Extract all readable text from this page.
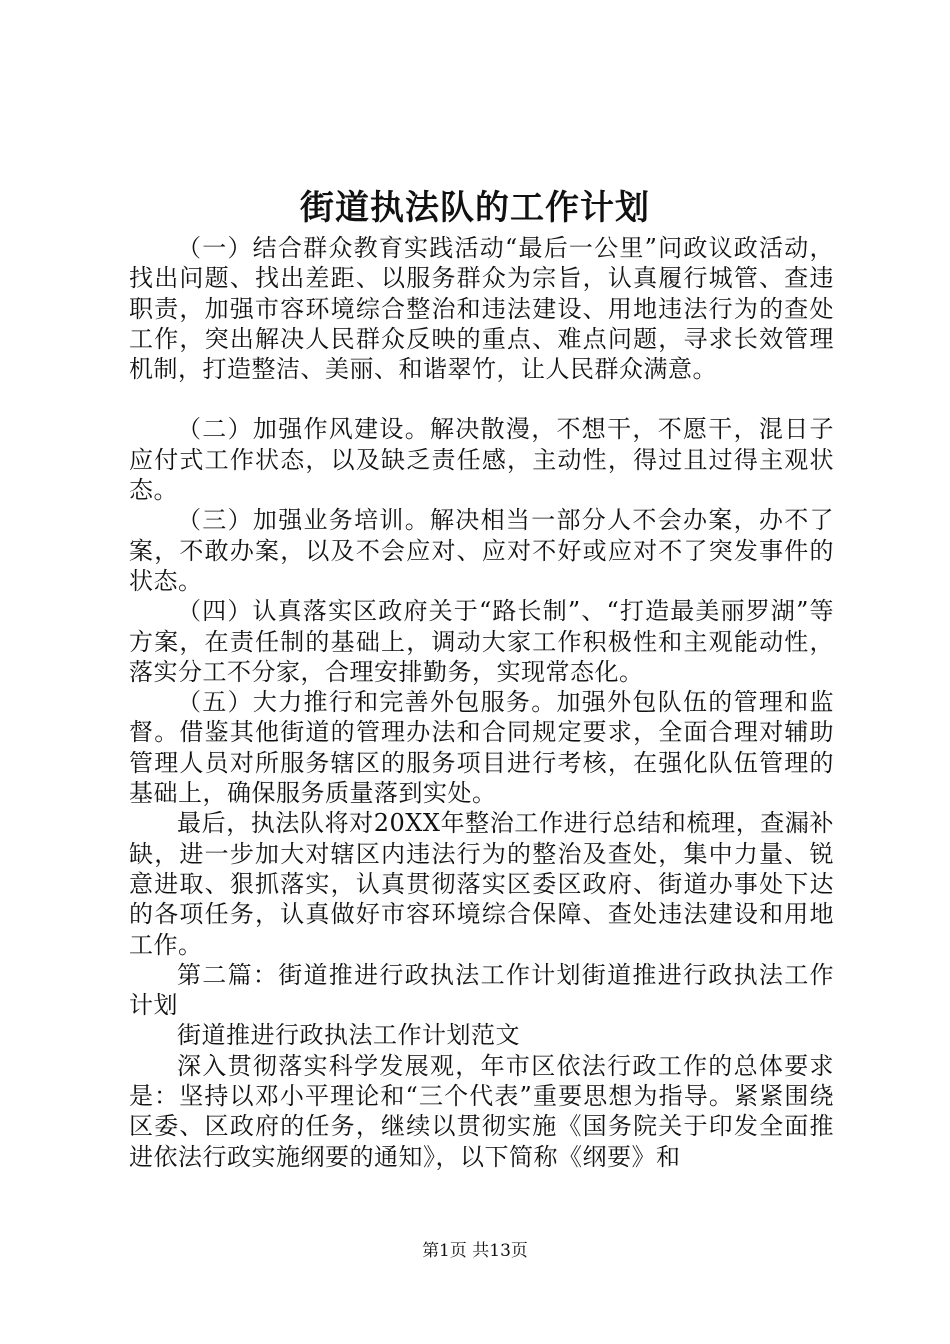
街道执法队的工作计划

（一）结合群众教育实践活动“最后一公里”问政议政活动，找出问题、找出差距、以服务群众为宗旨，认真履行城管、查违职责，加强市容环境综合整治和违法建设、用地违法行为的查处工作，突出解决人民群众反映的重点、难点问题，寻求长效管理机制，打造整洁、美丽、和谐翠竹，让人民群众满意。

（二）加强作风建设。解决散漫，不想干，不愿干，混日子应付式工作状态，以及缺乏责任感，主动性，得过且过得主观状态。

（三）加强业务培训。解决相当一部分人不会办案，办不了案，不敢办案，以及不会应对、应对不好或应对不了突发事件的状态。

（四）认真落实区政府关于“路长制”、“打造最美丽罗湖”等方案，在责任制的基础上，调动大家工作积极性和主观能动性，落实分工不分家，合理安排勤务，实现常态化。

（五）大力推行和完善外包服务。加强外包队伍的管理和监督。借鉴其他街道的管理办法和合同规定要求，全面合理对辅助管理人员对所服务辖区的服务项目进行考核，在强化队伍管理的基础上，确保服务质量落到实处。

最后，执法队将对20XX年整治工作进行总结和梳理，查漏补缺，进一步加大对辖区内违法行为的整治及查处，集中力量、锐意进取、狠抓落实，认真贯彻落实区委区政府、街道办事处下达的各项任务，认真做好市容环境综合保障、查处违法建设和用地工作。

第二篇：街道推进行政执法工作计划街道推进行政执法工作计划

街道推进行政执法工作计划范文

深入贯彻落实科学发展观，年市区依法行政工作的总体要求是：坚持以邓小平理论和“三个代表”重要思想为指导。紧紧围绕区委、区政府的任务，继续以贯彻实施《国务院关于印发全面推进依法行政实施纲要的通知》，以下简称《纲要》和

第1页 共13页
